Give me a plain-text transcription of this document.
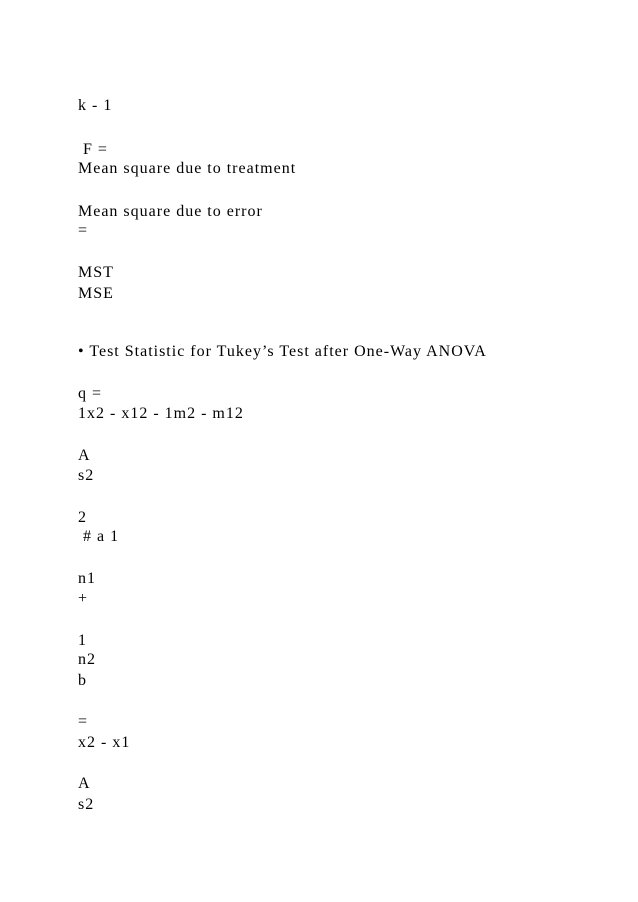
k - 1
F =
Mean square due to treatment
Mean square due to error
=
MST
MSE
• Test Statistic for Tukey’s Test after One-Way ANOVA
q =
1x2 - x12 - 1m2 - m12
A
s2
2
# a 1
n1
+
1
n2
b
=
x2 - x1
A
s2
